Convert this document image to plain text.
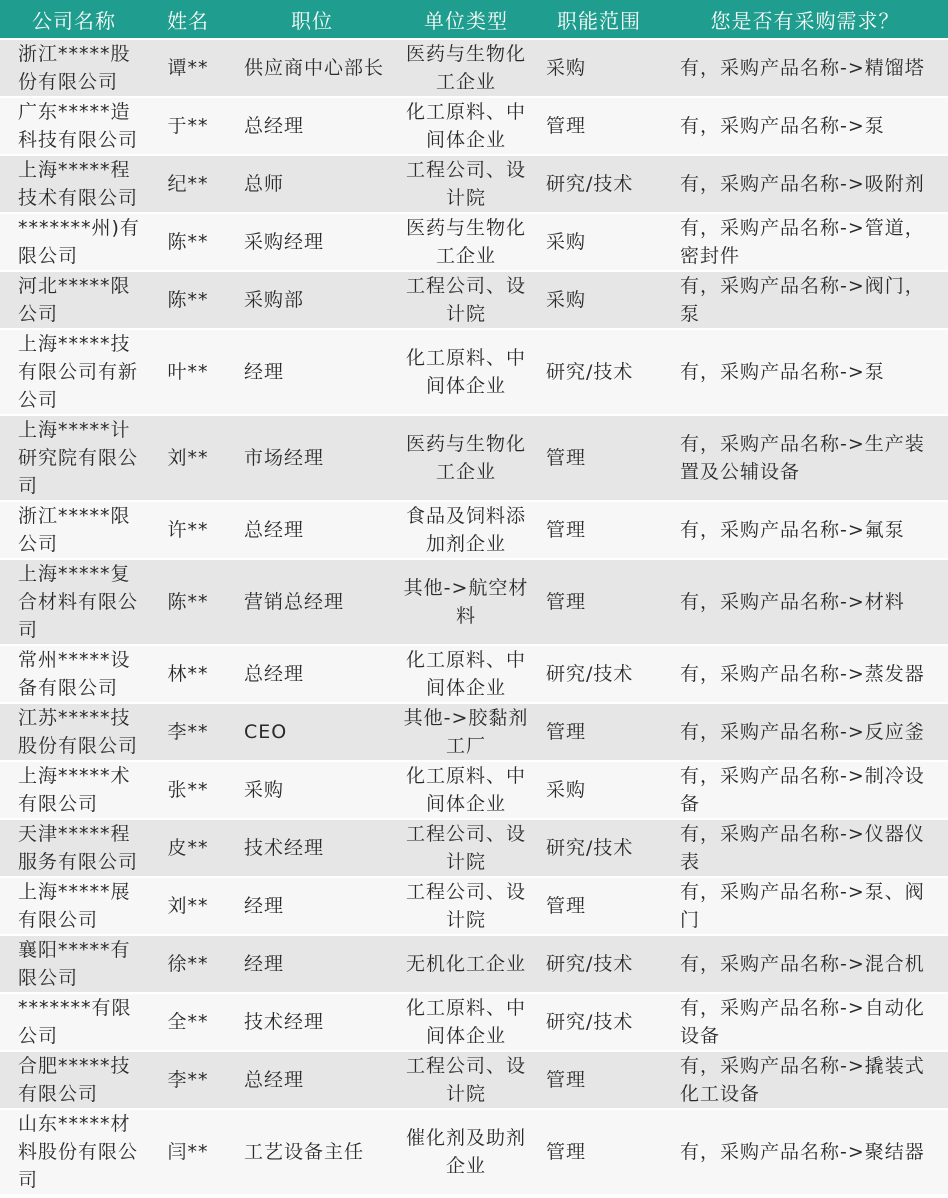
公司名称	姓名	职位	单位类型	职能范围	您是否有采购需求？
浙江*****股份有限公司	谭**	供应商中心部长	医药与生物化工企业	采购	有，采购产品名称->精馏塔
广东*****造科技有限公司	于**	总经理	化工原料、中间体企业	管理	有，采购产品名称->泵
上海*****程技术有限公司	纪**	总师	工程公司、设计院	研究/技术	有，采购产品名称->吸附剂
*******州)有限公司	陈**	采购经理	医药与生物化工企业	采购	有，采购产品名称->管道，密封件
河北*****限公司	陈**	采购部	工程公司、设计院	采购	有，采购产品名称->阀门，泵
上海*****技有限公司有新公司	叶**	经理	化工原料、中间体企业	研究/技术	有，采购产品名称->泵
上海*****计研究院有限公司	刘**	市场经理	医药与生物化工企业	管理	有，采购产品名称->生产装置及公辅设备
浙江*****限公司	许**	总经理	食品及饲料添加剂企业	管理	有，采购产品名称->氟泵
上海*****复合材料有限公司	陈**	营销总经理	其他->航空材料	管理	有，采购产品名称->材料
常州*****设备有限公司	林**	总经理	化工原料、中间体企业	研究/技术	有，采购产品名称->蒸发器
江苏*****技股份有限公司	李**	CEO	其他->胶黏剂工厂	管理	有，采购产品名称->反应釜
上海*****术有限公司	张**	采购	化工原料、中间体企业	采购	有，采购产品名称->制冷设备
天津*****程服务有限公司	皮**	技术经理	工程公司、设计院	研究/技术	有，采购产品名称->仪器仪表
上海*****展有限公司	刘**	经理	工程公司、设计院	管理	有，采购产品名称->泵、阀门
襄阳*****有限公司	徐**	经理	无机化工企业	研究/技术	有，采购产品名称->混合机
*******有限公司	全**	技术经理	化工原料、中间体企业	研究/技术	有，采购产品名称->自动化设备
合肥*****技有限公司	李**	总经理	工程公司、设计院	管理	有，采购产品名称->撬装式化工设备
山东*****材料股份有限公司	闫**	工艺设备主任	催化剂及助剂企业	管理	有，采购产品名称->聚结器
